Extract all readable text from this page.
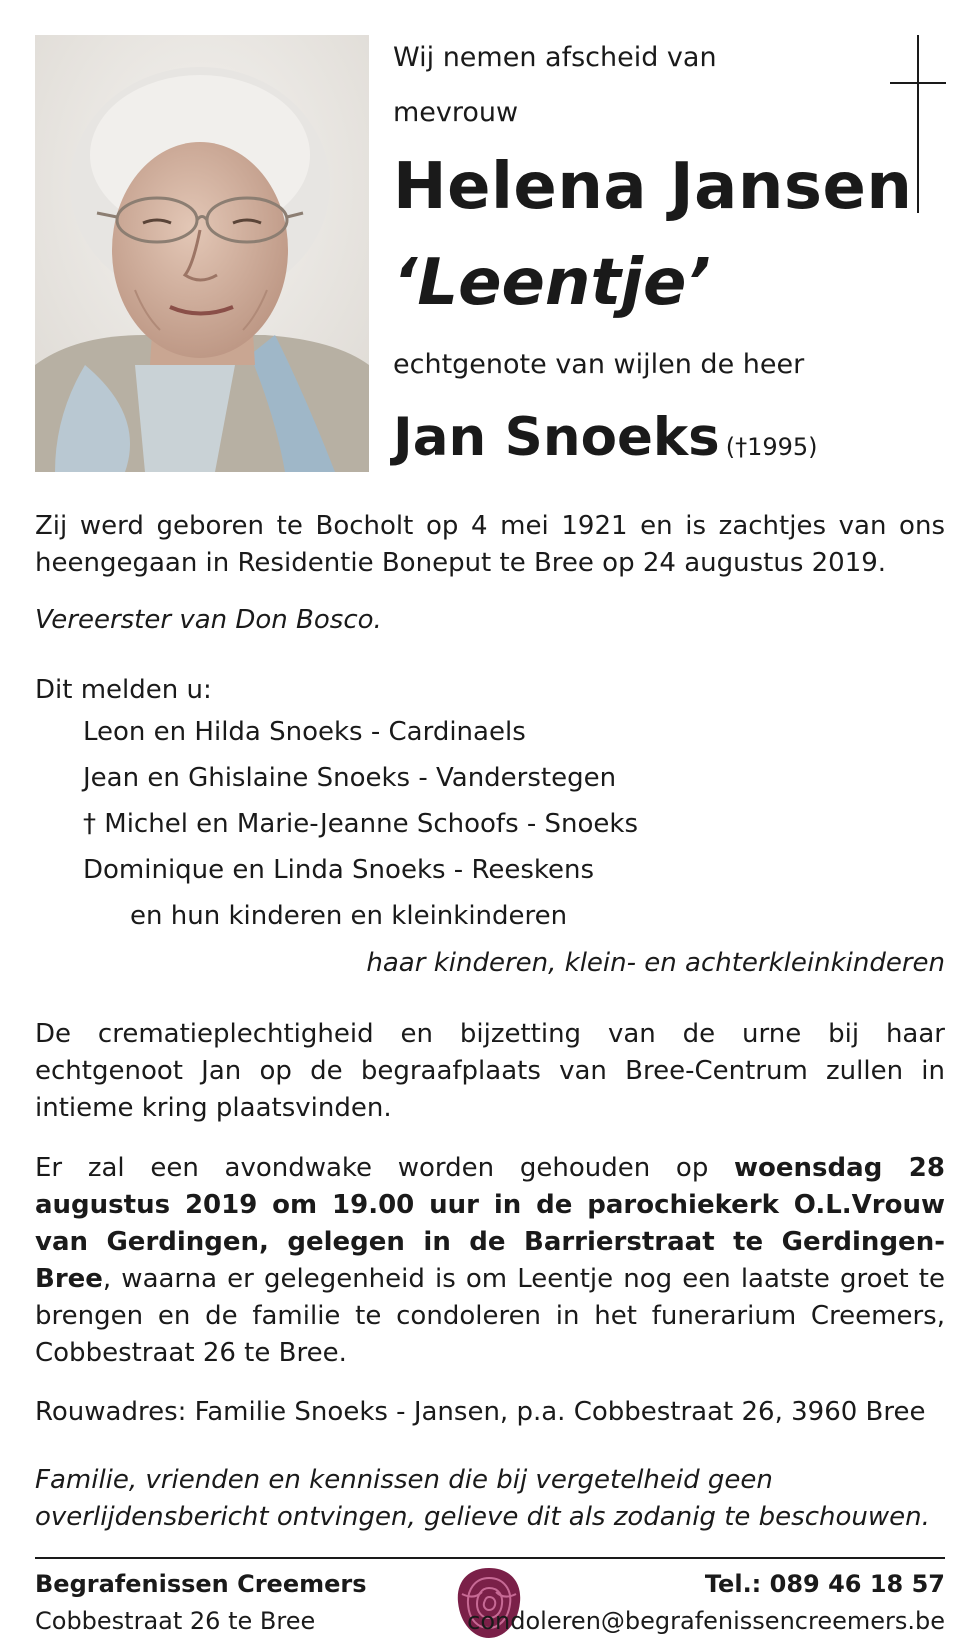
Wij nemen afscheid van
mevrouw
Helena Jansen
‘Leentje’
echtgenote van wijlen de heer
Jan Snoeks (†1995)
Zij werd geboren te Bocholt op 4 mei 1921 en is zachtjes van ons heengegaan in Residentie Boneput te Bree op 24 augustus 2019.
Vereerster van Don Bosco.
Dit melden u:
Leon en Hilda Snoeks - Cardinaels
Jean en Ghislaine Snoeks - Vanderstegen
† Michel en Marie-Jeanne Schoofs - Snoeks
Dominique en Linda Snoeks - Reeskens
en hun kinderen en kleinkinderen
haar kinderen, klein- en achterkleinkinderen
De crematieplechtigheid en bijzetting van de urne bij haar echtgenoot Jan op de begraafplaats van Bree-Centrum zullen in intieme kring plaatsvinden.
Er zal een avondwake worden gehouden op woensdag 28 augustus 2019 om 19.00 uur in de parochiekerk O.L.Vrouw van Gerdingen, gelegen in de Barrierstraat te Gerdingen-Bree, waarna er gelegenheid is om Leentje nog een laatste groet te brengen en de familie te condoleren in het funerarium Creemers, Cobbestraat 26 te Bree.
Rouwadres: Familie Snoeks - Jansen, p.a. Cobbestraat 26, 3960 Bree
Familie, vrienden en kennissen die bij vergetelheid geen overlijdensbericht ontvingen, gelieve dit als zodanig te beschouwen.
Begrafenissen Creemers
Cobbestraat 26 te Bree
Tel.: 089 46 18 57
condoleren@begrafenissencreemers.be
